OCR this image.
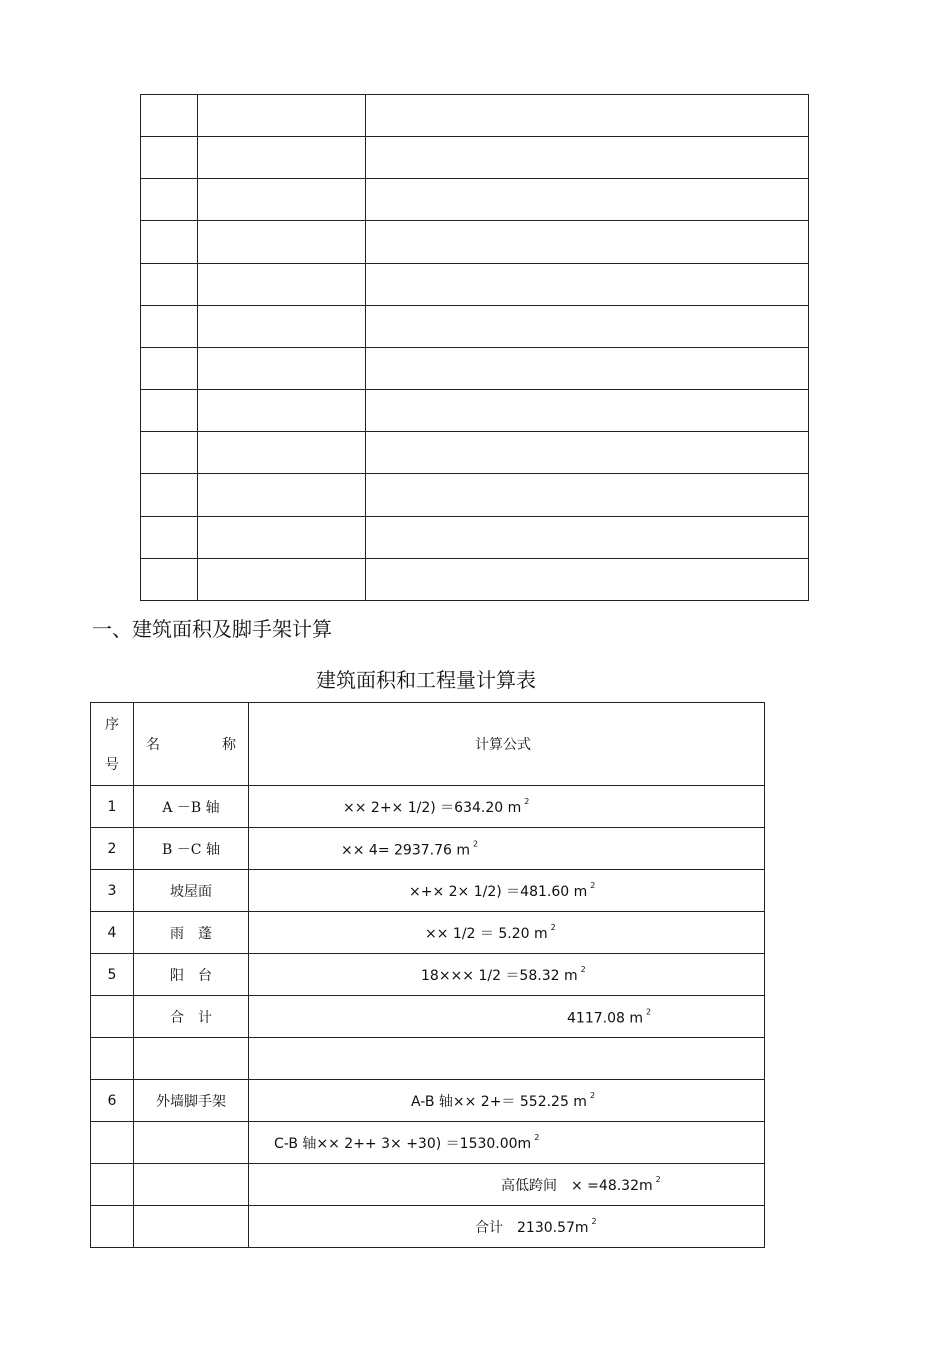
一、建筑面积及脚手架计算
建筑面积和工程量计算表
序
号	名 称	计算公式

1	A －B 轴	×× 2+× 1/2) ＝634.20 m $^2$

2	B －C 轴	×× 4= 2937.76 m $^2$

3	坡屋面	×+× 2× 1/2) ＝481.60 m $^2$

4	雨　蓬	×× 1/2 ＝ 5.20 m $^2$

5	阳　台	18××× 1/2 ＝58.32 m $^2$

	合　计	4117.08 m $^2$

6	外墙脚手架	A-B 轴×× 2+＝ 552.25 m $^2$

		C-B 轴×× 2++ 3× +30) ＝1530.00m $^2$

		高低跨间　× =48.32m $^2$

		合计　2130.57m $^2$
